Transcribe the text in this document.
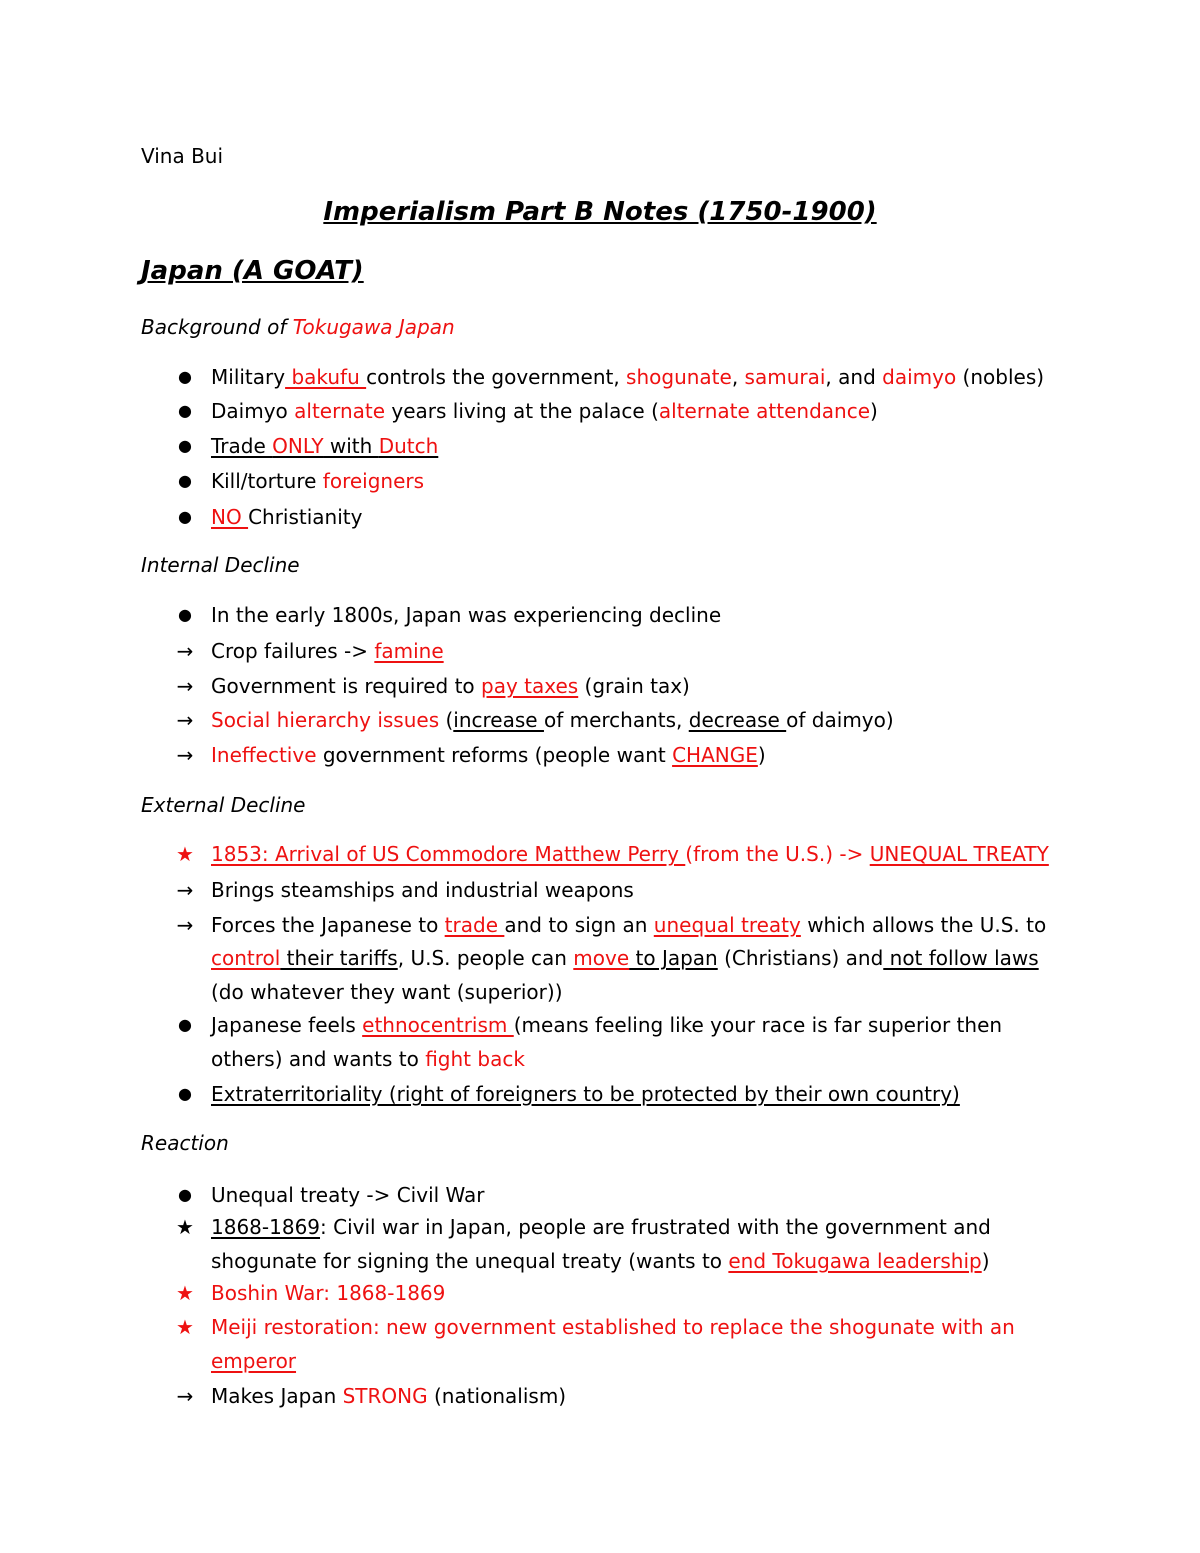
Vina Bui
Imperialism Part B Notes (1750-1900)
Japan (A GOAT)
Background of Tokugawa Japan
● Military bakufu controls the government, shogunate, samurai, and daimyo (nobles)
● Daimyo alternate years living at the palace (alternate attendance)
● Trade ONLY with Dutch
● Kill/torture foreigners
● NO Christianity
Internal Decline
● In the early 1800s, Japan was experiencing decline
→ Crop failures -> famine
→ Government is required to pay taxes (grain tax)
→ Social hierarchy issues (increase of merchants, decrease of daimyo)
→ Ineffective government reforms (people want CHANGE)
External Decline
★ 1853: Arrival of US Commodore Matthew Perry (from the U.S.) -> UNEQUAL TREATY
→ Brings steamships and industrial weapons
→ Forces the Japanese to trade and to sign an unequal treaty which allows the U.S. to
control their tariffs, U.S. people can move to Japan (Christians) and not follow laws
(do whatever they want (superior))
● Japanese feels ethnocentrism (means feeling like your race is far superior then
others) and wants to fight back
● Extraterritoriality (right of foreigners to be protected by their own country)
Reaction
● Unequal treaty -> Civil War
★ 1868-1869: Civil war in Japan, people are frustrated with the government and
shogunate for signing the unequal treaty (wants to end Tokugawa leadership)
★ Boshin War: 1868-1869
★ Meiji restoration: new government established to replace the shogunate with an
emperor
→ Makes Japan STRONG (nationalism)
